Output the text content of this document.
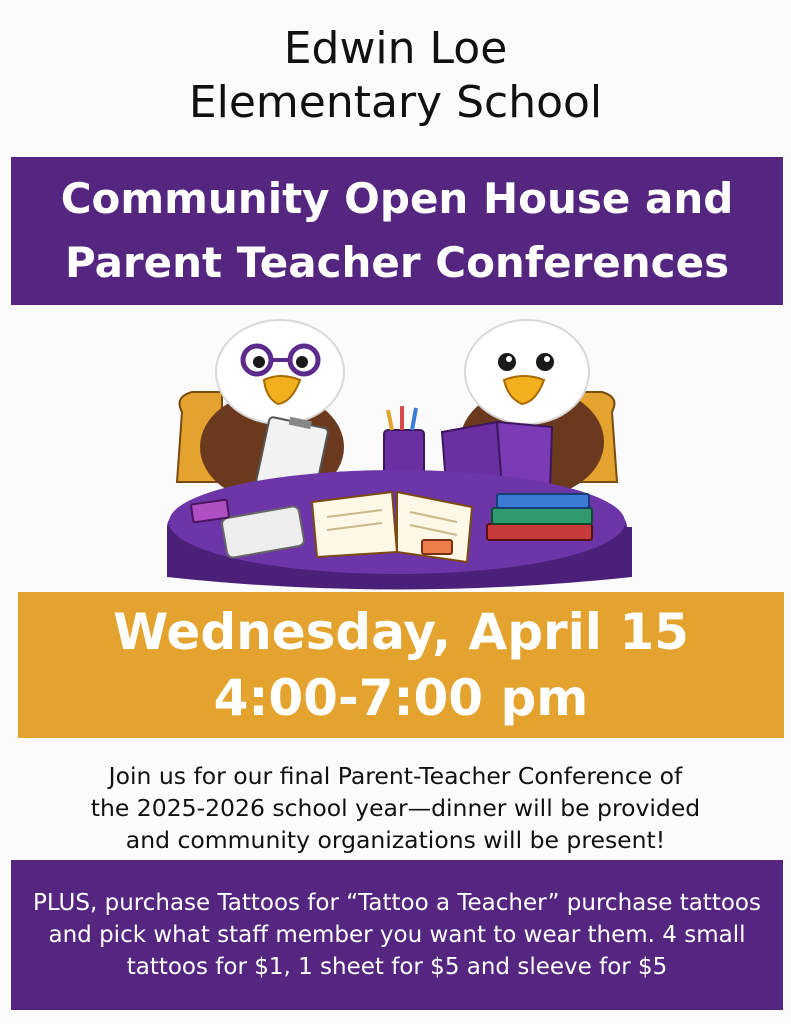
Edwin Loe
Elementary School
Community Open House and
Parent Teacher Conferences
Wednesday, April 15
4:00-7:00 pm
Join us for our final Parent-Teacher Conference of
the 2025-2026 school year—dinner will be provided
and community organizations will be present!

PLUS, purchase Tattoos for “Tattoo a Teacher” purchase tattoos and pick what staff member you want to wear them. 4 small tattoos for $1, 1 sheet for $5 and sleeve for $5
